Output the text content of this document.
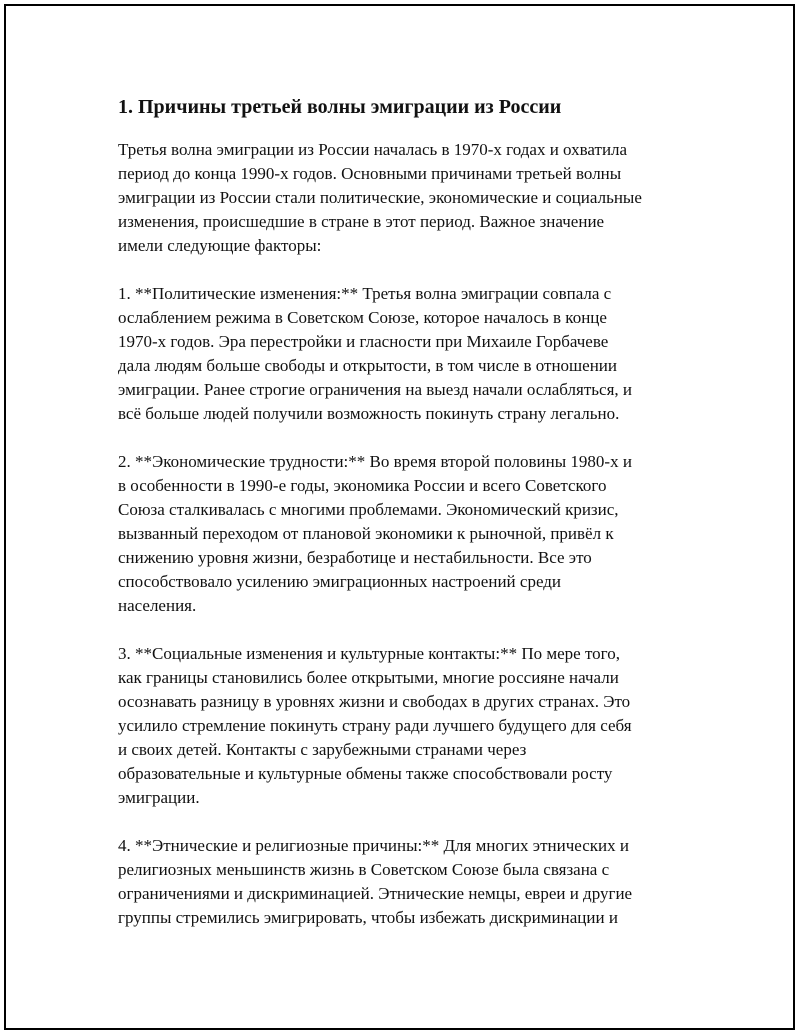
1. Причины третьей волны эмиграции из России

Третья волна эмиграции из России началась в 1970-х годах и охватила
период до конца 1990-х годов. Основными причинами третьей волны
эмиграции из России стали политические, экономические и социальные
изменения, происшедшие в стране в этот период. Важное значение
имели следующие факторы:

1. **Политические изменения:** Третья волна эмиграции совпала с
ослаблением режима в Советском Союзе, которое началось в конце
1970-х годов. Эра перестройки и гласности при Михаиле Горбачеве
дала людям больше свободы и открытости, в том числе в отношении
эмиграции. Ранее строгие ограничения на выезд начали ослабляться, и
всё больше людей получили возможность покинуть страну легально.

2. **Экономические трудности:** Во время второй половины 1980-х и
в особенности в 1990-е годы, экономика России и всего Советского
Союза сталкивалась с многими проблемами. Экономический кризис,
вызванный переходом от плановой экономики к рыночной, привёл к
снижению уровня жизни, безработице и нестабильности. Все это
способствовало усилению эмиграционных настроений среди
населения.

3. **Социальные изменения и культурные контакты:** По мере того,
как границы становились более открытыми, многие россияне начали
осознавать разницу в уровнях жизни и свободах в других странах. Это
усилило стремление покинуть страну ради лучшего будущего для себя
и своих детей. Контакты с зарубежными странами через
образовательные и культурные обмены также способствовали росту
эмиграции.

4. **Этнические и религиозные причины:** Для многих этнических и
религиозных меньшинств жизнь в Советском Союзе была связана с
ограничениями и дискриминацией. Этнические немцы, евреи и другие
группы стремились эмигрировать, чтобы избежать дискриминации и
